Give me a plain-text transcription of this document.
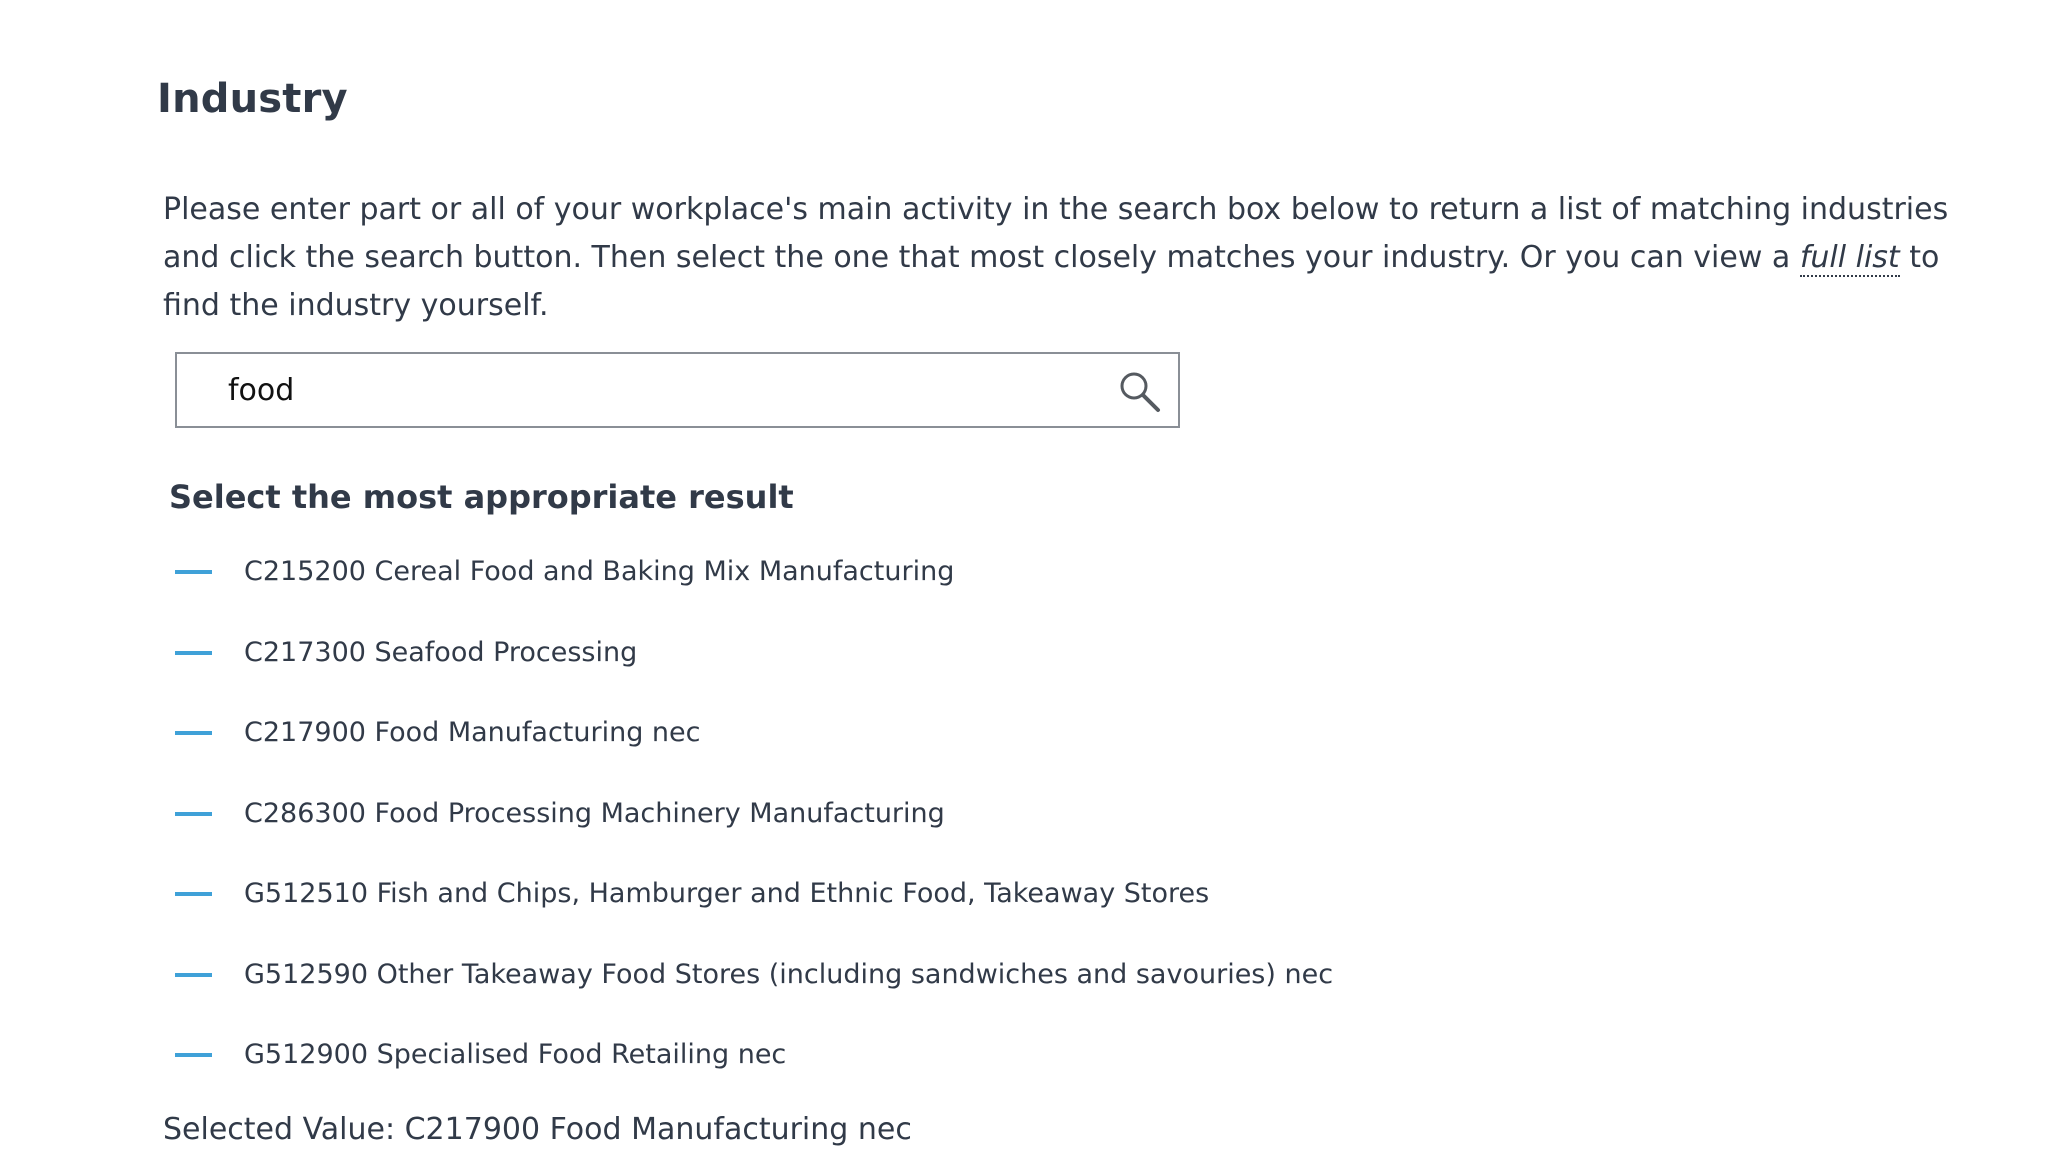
Industry

Please enter part or all of your workplace's main activity in the search box below to return a list of matching industries and click the search button. Then select the one that most closely matches your industry. Or you can view a full list to find the industry yourself.

food
Select the most appropriate result
C215200 Cereal Food and Baking Mix Manufacturing
C217300 Seafood Processing
C217900 Food Manufacturing nec
C286300 Food Processing Machinery Manufacturing
G512510 Fish and Chips, Hamburger and Ethnic Food, Takeaway Stores
G512590 Other Takeaway Food Stores (including sandwiches and savouries) nec
G512900 Specialised Food Retailing nec

Selected Value: C217900 Food Manufacturing nec
